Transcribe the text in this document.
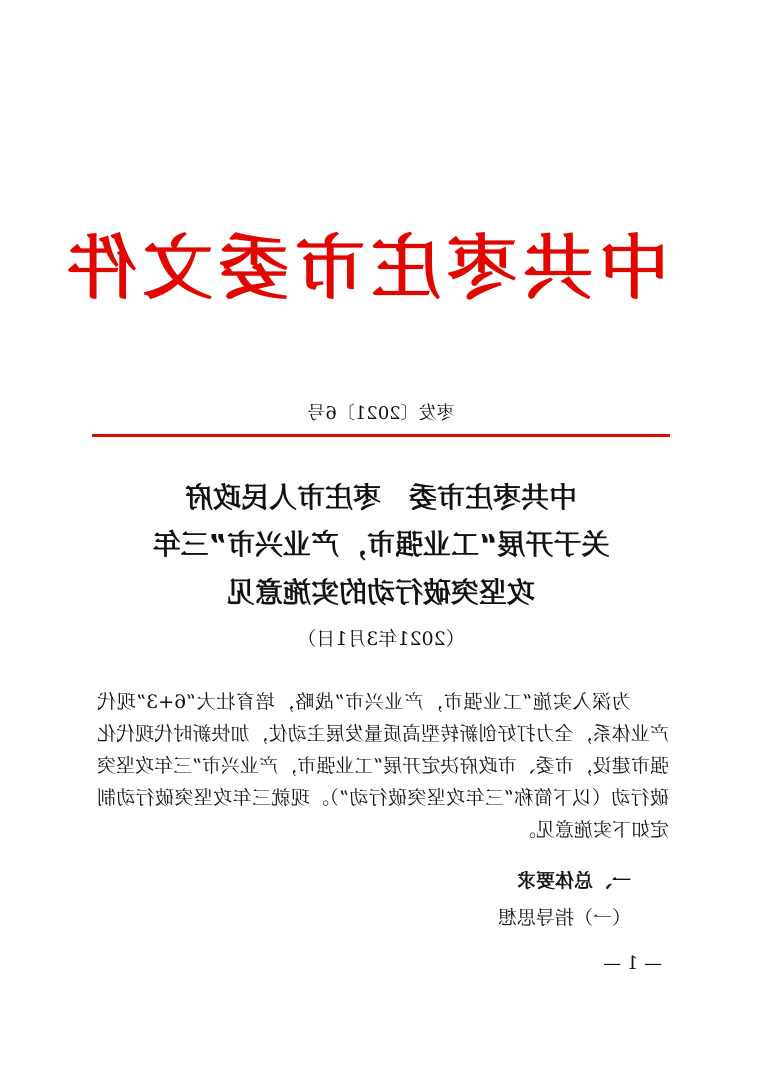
中共枣庄市委文件
枣发〔2021〕6号
中共枣庄市委　枣庄市人民政府
关于开展“工业强市，产业兴市”三年
攻坚突破行动的实施意见
（2021年3月1日）

为深入实施“工业强市，产业兴市”战略，培育壮大“6+3”现代产业体系，全力打好创新转型高质量发展主动仗，加快新时代现代化强市建设，市委、市政府决定开展“工业强市，产业兴市”三年攻坚突破行动（以下简称“三年攻坚突破行动”）。现就三年攻坚突破行动制定如下实施意见。

一、总体要求
（一）指导思想
— 1 —
